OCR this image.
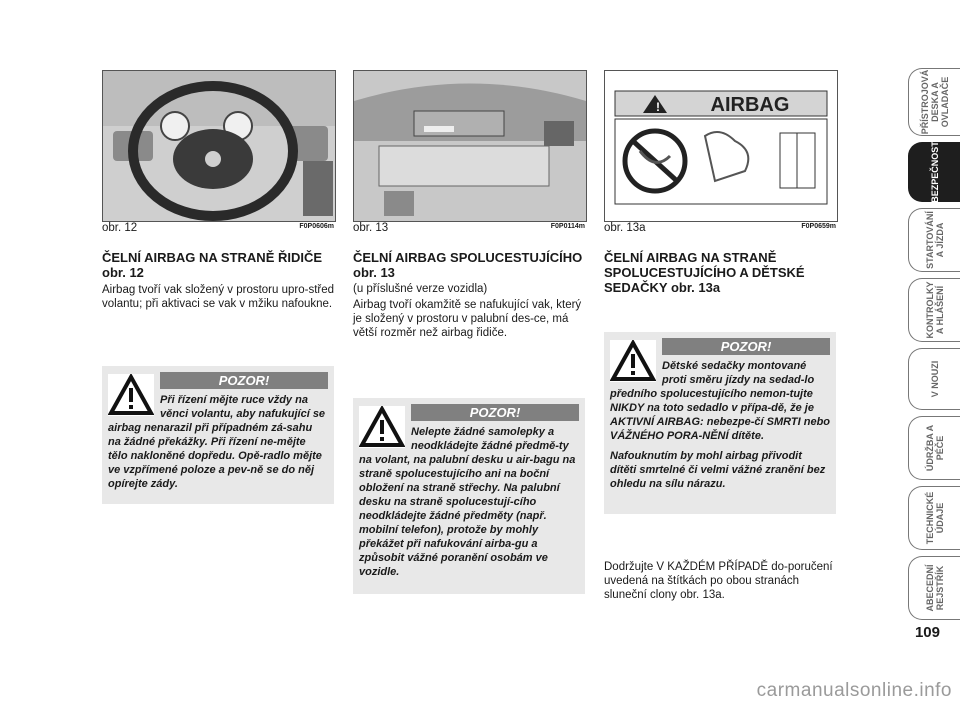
!	AIRBAG
obr. 12	F0P0606m obr. 13	F0P0114m obr. 13a	F0P0659m
ČELNÍ AIRBAG NA STRANĚ ŘIDIČE obr. 12

Airbag tvoří vak složený v prostoru upro-střed volantu; při aktivaci se vak v mžiku nafoukne.

POZOR!
Při řízení mějte ruce vždy na věnci volantu, aby nafukující se airbag nenarazil při případném zá-sahu na žádné překážky. Při řízení ne-mějte tělo nakloněné dopředu. Opě-radlo mějte ve vzpřímené poloze a pev-ně se do něj opírejte zády.
ČELNÍ AIRBAG SPOLUCESTUJÍCÍHO obr. 13
(u příslušné verze vozidla)

Airbag tvoří okamžitě se nafukující vak, který je složený v prostoru v palubní des-ce, má větší rozměr než airbag řidiče.

POZOR!
Nelepte žádné samolepky a neodkládejte žádné předmě-ty na volant, na palubní desku u air-bagu na straně spolucestujícího ani na boční obložení na straně střechy. Na palubní desku na straně spolucestují-cího neodkládejte žádné předměty (např. mobilní telefon), protože by mohly překážet při nafukování airba-gu a způsobit vážné poranění osobám ve vozidle.
ČELNÍ AIRBAG NA STRANĚ SPOLUCESTUJÍCÍHO A DĚTSKÉ SEDAČKY obr. 13a
POZOR!
Dětské sedačky montované proti směru jízdy na sedad-lo předního spolucestujícího nemon-tujte NIKDY na toto sedadlo v přípa-dě, že je AKTIVNÍ AIRBAG: nebezpe-čí SMRTI nebo VÁŽNÉHO PORA-NĚNÍ dítěte.
Nafouknutím by mohl airbag přivodit dítěti smrtelné či velmi vážné zranění bez ohledu na sílu nárazu.

Dodržujte V KAŽDÉM PŘÍPADĚ do-poručení uvedená na štítkách po obou stranách sluneční clony obr. 13a.

PŘÍSTROJOVÁ DESKA A OVLADAČE
BEZPEČNOST
STARTOVÁNÍ A JÍZDA
KONTROLKY A HLÁŠENÍ
V NOUZI
ÚDRŽBA A PÉČE
TECHNICKÉ ÚDAJE
ABECEDNÍ REJSTŘÍK
109
carmanualsonline.info
